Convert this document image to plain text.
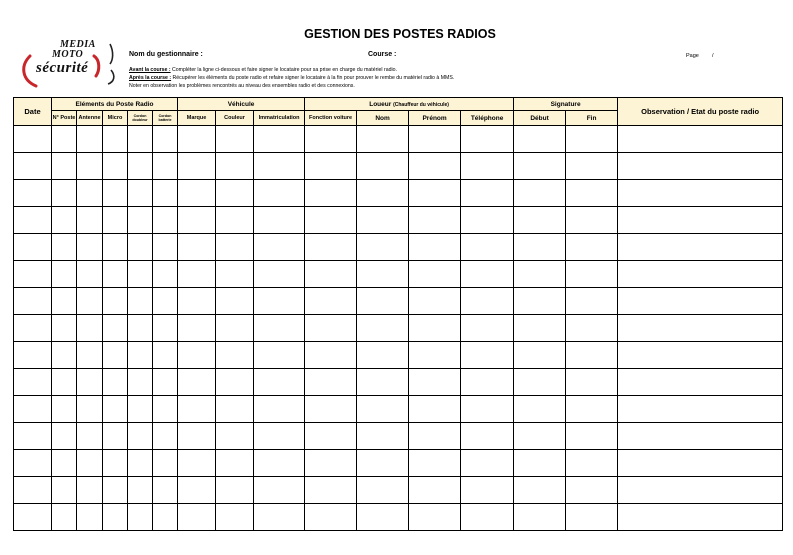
MEDIA
MOTO
sécurité
GESTION DES POSTES RADIOS
Nom du gestionnaire :	Course :	Page /
Avant la course : Compléter la ligne ci-dessous et faire signer le locataire pour sa prise en charge du matériel radio.
Après la course : Récupérer les éléments du poste radio et refaire signer le locataire à la fin pour prouver le rembe du matériel radio à MMS.
Noter en observation les problèmes rencontrés au niveau des ensembles radio et des connexions.
Date	Eléments du Poste Radio					Véhicule			Loueur (Chauffeur du véhicule)				Signature		Observation / Etat du poste radio
	N° Poste	Antenne	Micro	Cordon doubleur	Cordon batterie	Marque	Couleur	Immatriculation	Fonction voiture	Nom	Prénom	Téléphone	Début	Fin	
